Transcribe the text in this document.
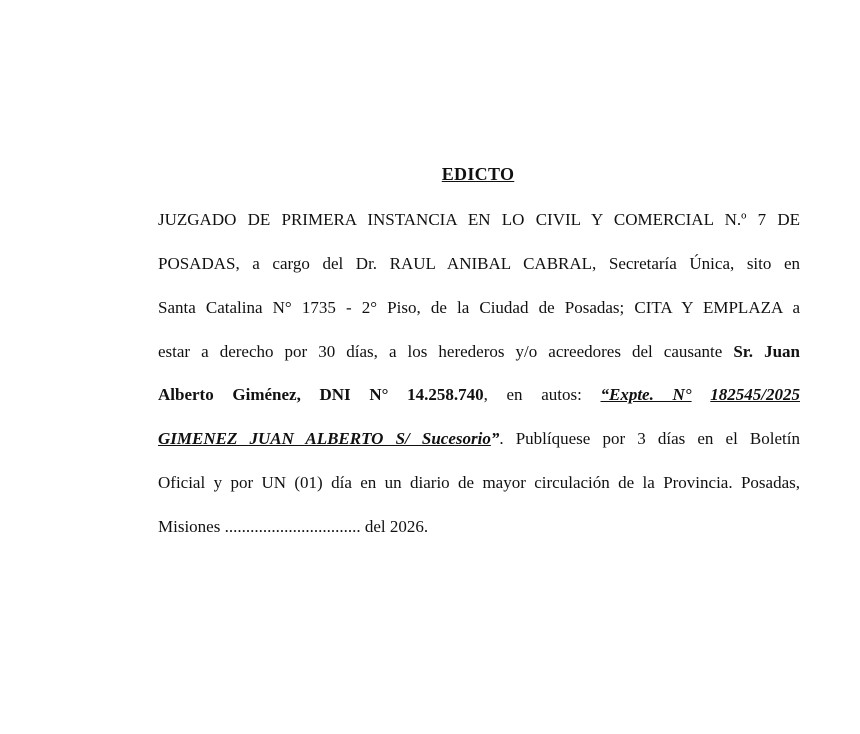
EDICTO
JUZGADO DE PRIMERA INSTANCIA EN LO CIVIL Y COMERCIAL N.º 7 DE
POSADAS, a cargo del Dr. RAUL ANIBAL CABRAL, Secretaría Única, sito en
Santa Catalina N° 1735 - 2° Piso, de la Ciudad de Posadas; CITA Y EMPLAZA a
estar a derecho por 30 días, a los herederos y/o acreedores del causante Sr. Juan
Alberto Giménez, DNI N° 14.258.740, en autos: “Expte. N° 182545/2025
GIMENEZ JUAN ALBERTO S/ Sucesorio”. Publíquese por 3 días en el Boletín
Oficial y por UN (01) día en un diario de mayor circulación de la Provincia. Posadas,
Misiones ................................ del 2026.
